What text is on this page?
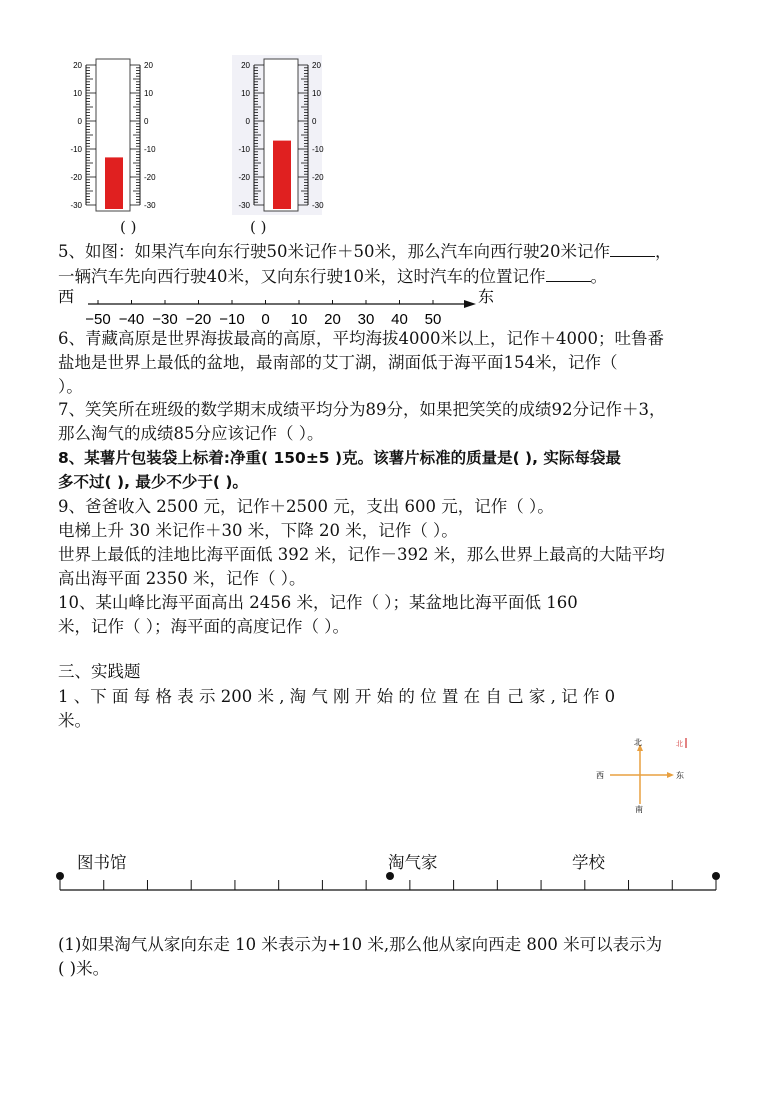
20	20
10	10
0	0
-10	-10
-20	-20
-30	-30
20	20
10	10
0	0
-10	-10
-20	-20
-30	-30
( )	( )
5、如图：如果汽车向东行驶50米记作＋50米，那么汽车向西行驶20米记作	，
一辆汽车先向西行驶40米，又向东行驶10米，这时汽车的位置记作	。
西	东
−50 −40 −30 −20 −10 0 10 20 30 40 50
6、青藏高原是世界海拔最高的高原，平均海拔4000米以上，记作＋4000；吐鲁番
盐地是世界上最低的盆地，最南部的艾丁湖，湖面低于海平面154米，记作（
）。
7、笑笑所在班级的数学期末成绩平均分为89分，如果把笑笑的成绩92分记作＋3，
那么淘气的成绩85分应该记作（ ）。
8、某薯片包装袋上标着:净重( 150±5 )克。该薯片标准的质量是( ), 实际每袋最
多不过( ), 最少不少于( )。
9、爸爸收入 2500 元，记作＋2500 元，支出 600 元，记作（ ）。
电梯上升 30 米记作＋30 米，下降 20 米，记作（ ）。
世界上最低的洼地比海平面低 392 米，记作－392 米，那么世界上最高的大陆平均
高出海平面 2350 米，记作（ ）。
10、某山峰比海平面高出 2456 米，记作（ ）；某盆地比海平面低 160
米，记作（ ）；海平面的高度记作（ ）。
三、实践题
1 、下 面 每 格 表 示 200 米 , 淘 气 刚 开 始 的 位 置 在 自 己 家 , 记 作 0
米。
北
南
西	东
北
图书馆	淘气家	学校
(1)如果淘气从家向东走 10 米表示为+10 米,那么他从家向西走 800 米可以表示为
( )米。
